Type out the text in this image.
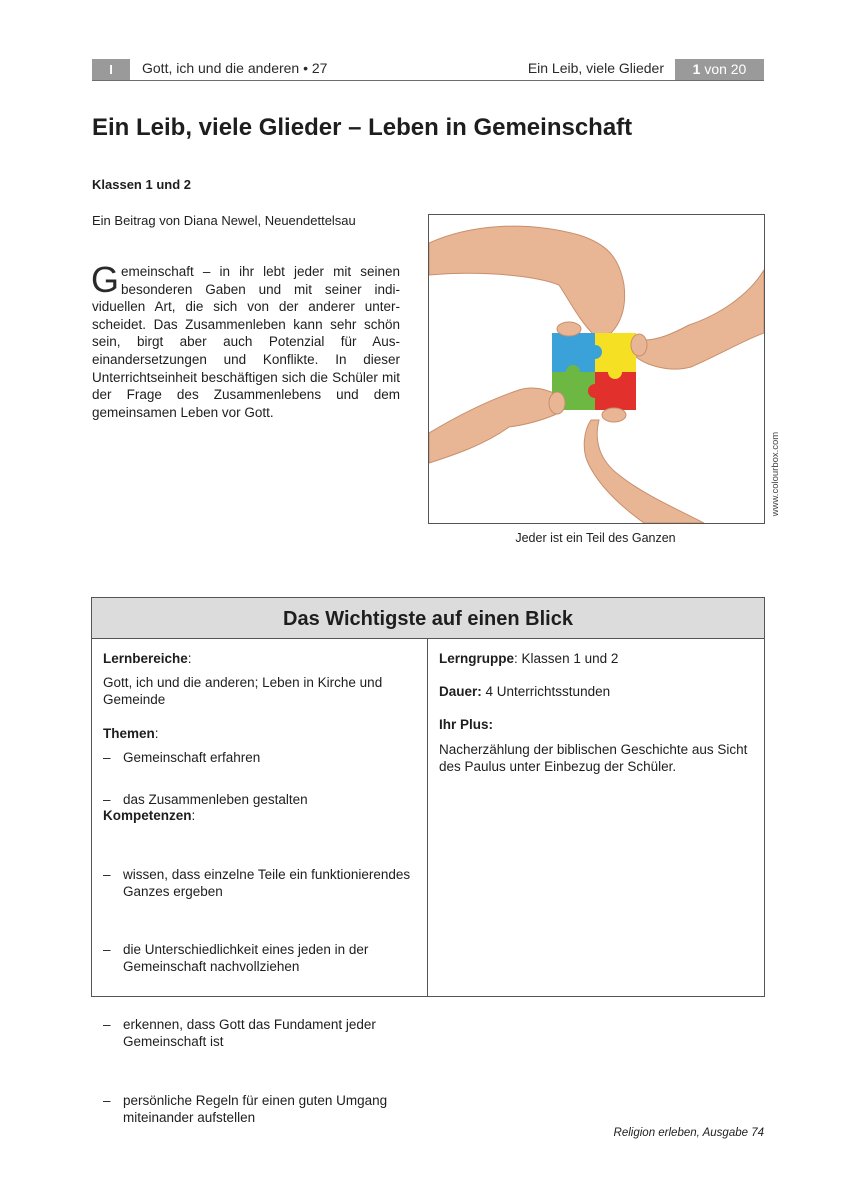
I	Gott, ich und die anderen • 27	Ein Leib, viele Glieder	1 von 20
Ein Leib, viele Glieder – Leben in Gemeinschaft
Klassen 1 und 2
Ein Beitrag von Diana Newel, Neuendettelsau

Gemeinschaft – in ihr lebt jeder mit seinen besonderen Gaben und mit seiner individuellen Art, die sich von der anderer unterscheidet. Das Zusammenleben kann sehr schön sein, birgt aber auch Potenzial für Auseinandersetzungen und Konflikte. In dieser Unterrichtseinheit beschäftigen sich die Schüler mit der Frage des Zusammenlebens und dem gemeinsamen Leben vor Gott.

www.colourbox.com
Jeder ist ein Teil des Ganzen
Das Wichtigste auf einen Blick
Lernbereiche:
Gott, ich und die anderen; Leben in Kirche und Gemeinde
Themen:
– Gemeinschaft erfahren
– das Zusammenleben gestalten
Kompetenzen:
– wissen, dass einzelne Teile ein funktionierendes Ganzes ergeben
– die Unterschiedlichkeit eines jeden in der Gemeinschaft nachvollziehen
– erkennen, dass Gott das Fundament jeder Gemeinschaft ist
– persönliche Regeln für einen guten Umgang miteinander aufstellen
Lerngruppe: Klassen 1 und 2
Dauer: 4 Unterrichtsstunden
Ihr Plus:
Nacherzählung der biblischen Geschichte aus Sicht des Paulus unter Einbezug der Schüler.
Religion erleben, Ausgabe 74
